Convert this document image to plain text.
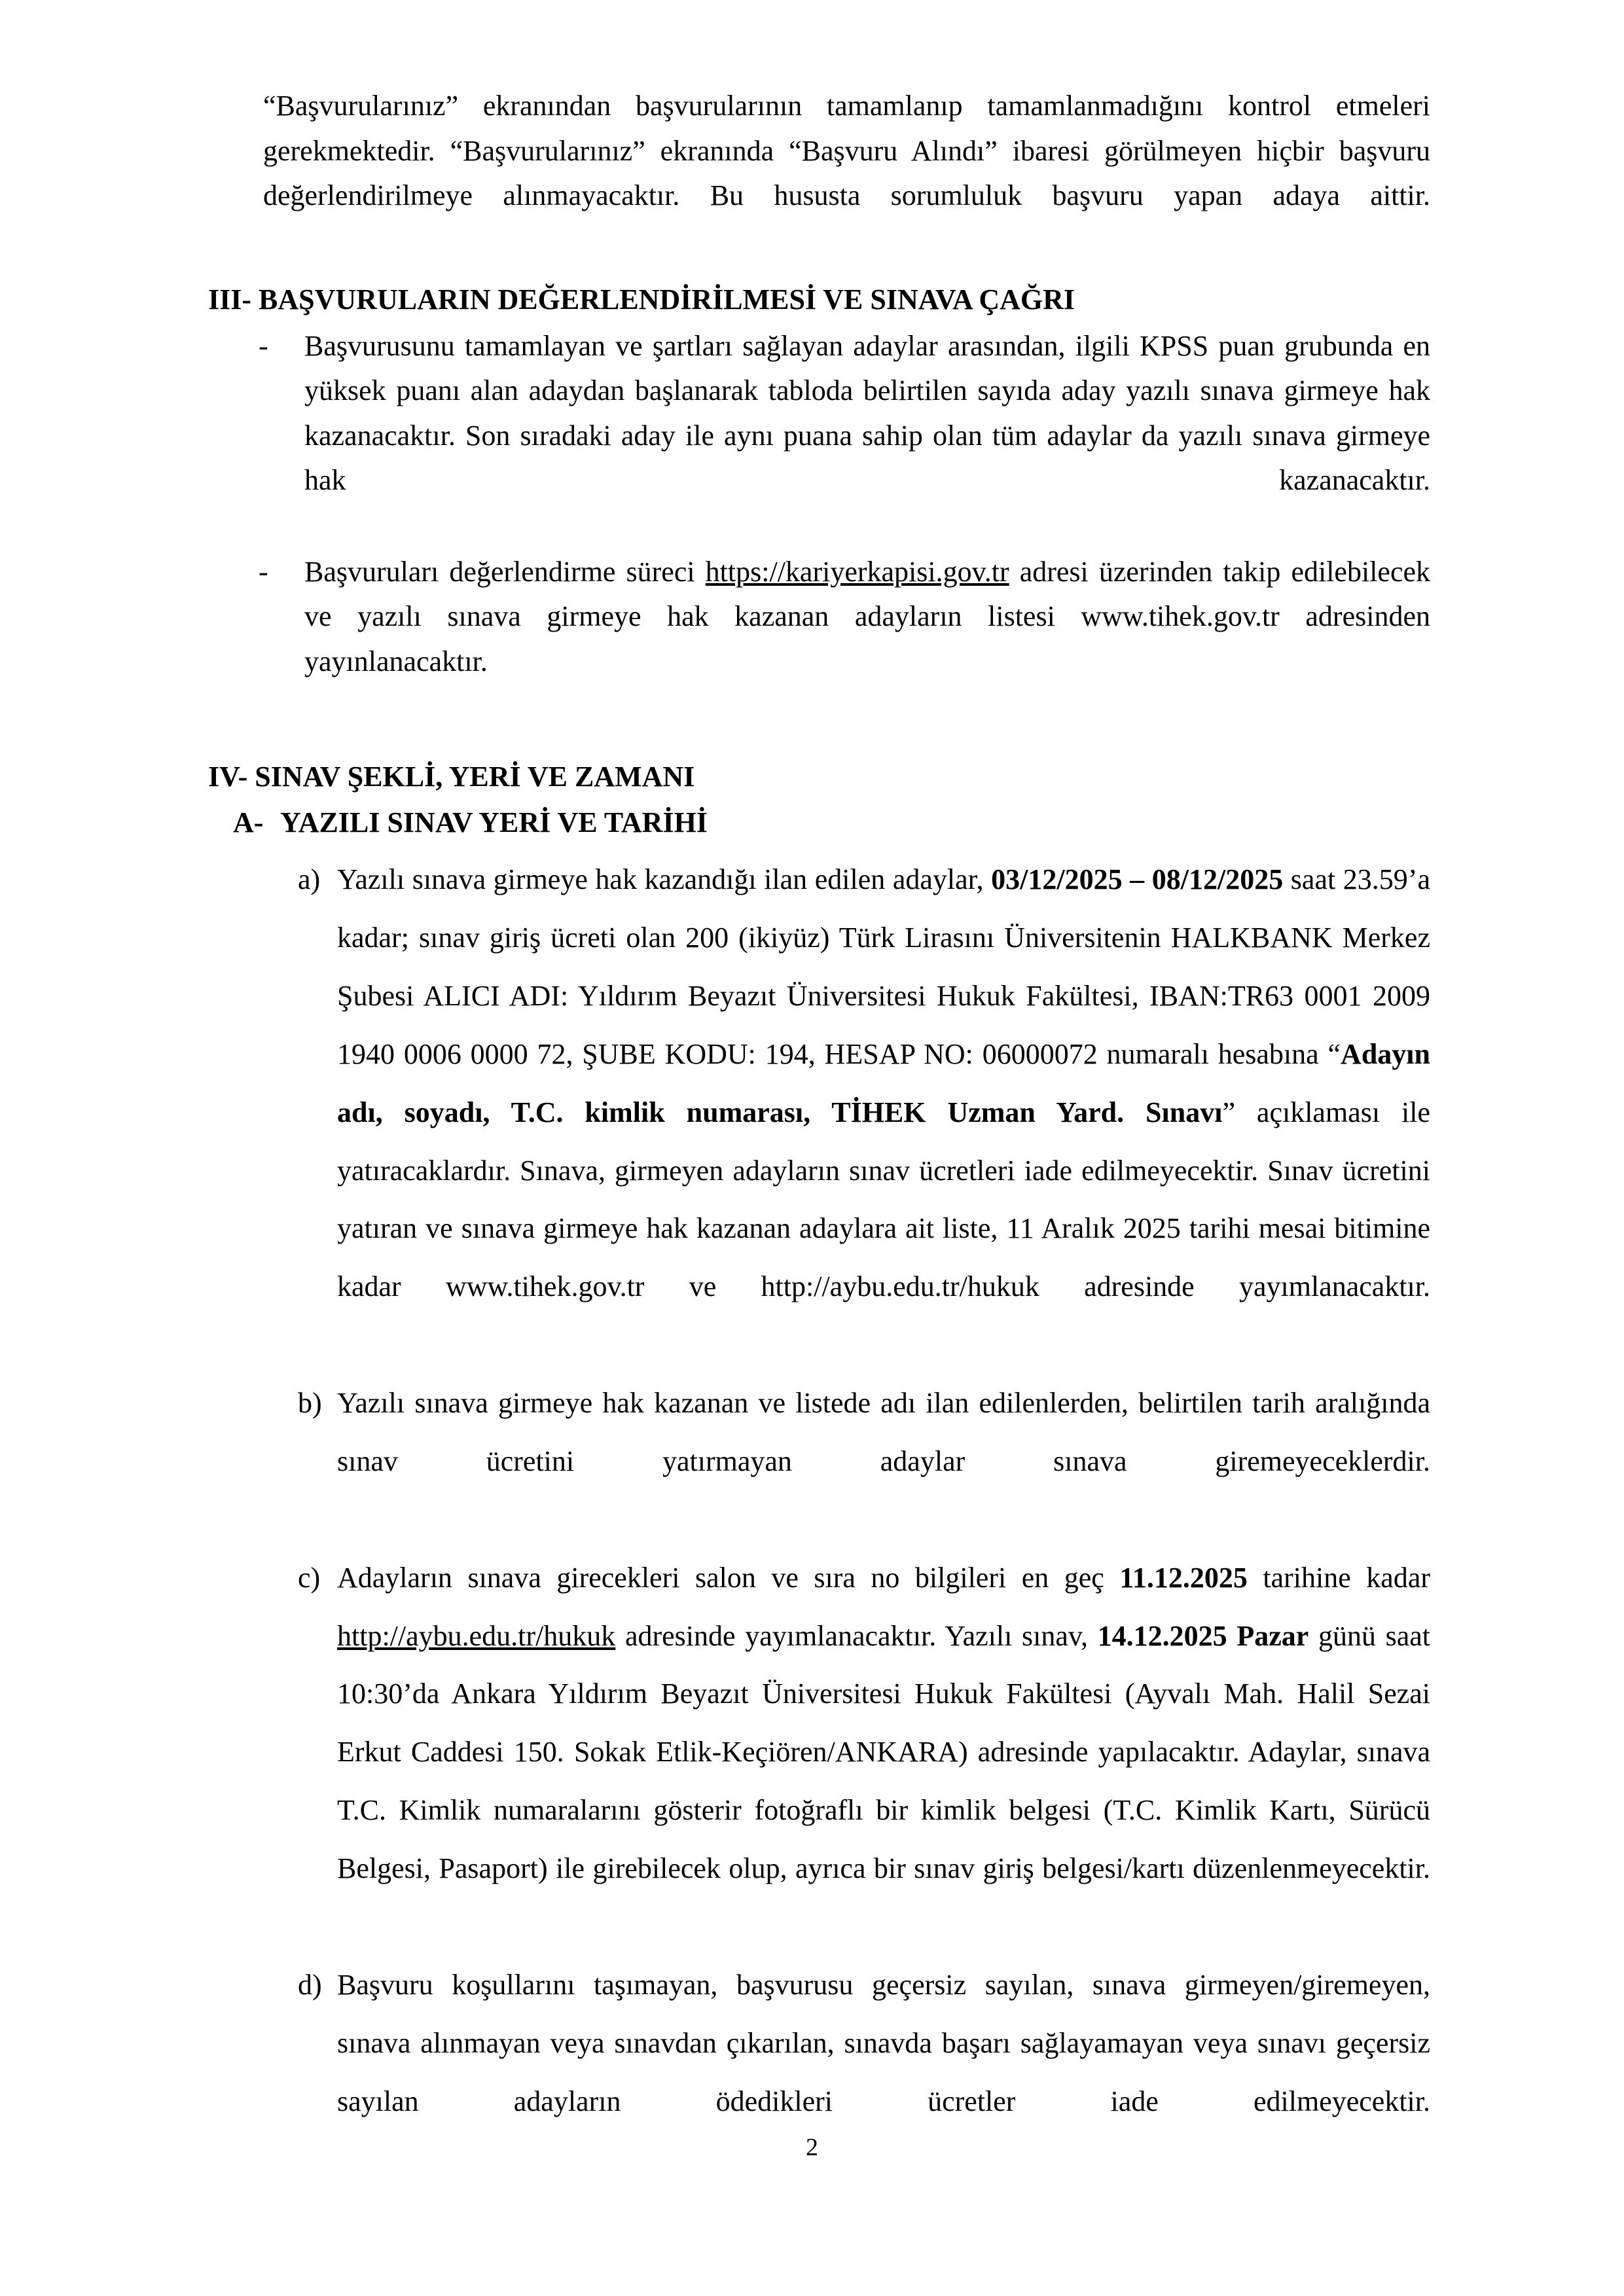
“Başvurularınız” ekranından başvurularının tamamlanıp tamamlanmadığını kontrol etmeleri gerekmektedir. “Başvurularınız” ekranında “Başvuru Alındı” ibaresi görülmeyen hiçbir başvuru değerlendirilmeye alınmayacaktır. Bu hususta sorumluluk başvuru yapan adaya aittir.

III- BAŞVURULARIN DEĞERLENDİRİLMESİ VE SINAVA ÇAĞRI
- Başvurusunu tamamlayan ve şartları sağlayan adaylar arasından, ilgili KPSS puan grubunda en yüksek puanı alan adaydan başlanarak tabloda belirtilen sayıda aday yazılı sınava girmeye hak kazanacaktır. Son sıradaki aday ile aynı puana sahip olan tüm adaylar da yazılı sınava girmeye hak kazanacaktır.
- Başvuruları değerlendirme süreci https://kariyerkapisi.gov.tr adresi üzerinden takip edilebilecek ve yazılı sınava girmeye hak kazanan adayların listesi www.tihek.gov.tr adresinden yayınlanacaktır.
IV- SINAV ŞEKLİ, YERİ VE ZAMANI
A- YAZILI SINAV YERİ VE TARİHİ
a) Yazılı sınava girmeye hak kazandığı ilan edilen adaylar, 03/12/2025 – 08/12/2025 saat 23.59’a kadar; sınav giriş ücreti olan 200 (ikiyüz) Türk Lirasını Üniversitenin HALKBANK Merkez Şubesi ALICI ADI: Yıldırım Beyazıt Üniversitesi Hukuk Fakültesi, IBAN:TR63 0001 2009 1940 0006 0000 72, ŞUBE KODU: 194, HESAP NO: 06000072 numaralı hesabına “Adayın adı, soyadı, T.C. kimlik numarası, TİHEK Uzman Yard. Sınavı” açıklaması ile yatıracaklardır. Sınava, girmeyen adayların sınav ücretleri iade edilmeyecektir. Sınav ücretini yatıran ve sınava girmeye hak kazanan adaylara ait liste, 11 Aralık 2025 tarihi mesai bitimine kadar www.tihek.gov.tr ve http://aybu.edu.tr/hukuk adresinde yayımlanacaktır.
b) Yazılı sınava girmeye hak kazanan ve listede adı ilan edilenlerden, belirtilen tarih aralığında sınav ücretini yatırmayan adaylar sınava giremeyeceklerdir.
c) Adayların sınava girecekleri salon ve sıra no bilgileri en geç 11.12.2025 tarihine kadar http://aybu.edu.tr/hukuk adresinde yayımlanacaktır. Yazılı sınav, 14.12.2025 Pazar günü saat 10:30’da Ankara Yıldırım Beyazıt Üniversitesi Hukuk Fakültesi (Ayvalı Mah. Halil Sezai Erkut Caddesi 150. Sokak Etlik-Keçiören/ANKARA) adresinde yapılacaktır. Adaylar, sınava T.C. Kimlik numaralarını gösterir fotoğraflı bir kimlik belgesi (T.C. Kimlik Kartı, Sürücü Belgesi, Pasaport) ile girebilecek olup, ayrıca bir sınav giriş belgesi/kartı düzenlenmeyecektir.
d) Başvuru koşullarını taşımayan, başvurusu geçersiz sayılan, sınava girmeyen/giremeyen, sınava alınmayan veya sınavdan çıkarılan, sınavda başarı sağlayamayan veya sınavı geçersiz sayılan adayların ödedikleri ücretler iade edilmeyecektir.
2
